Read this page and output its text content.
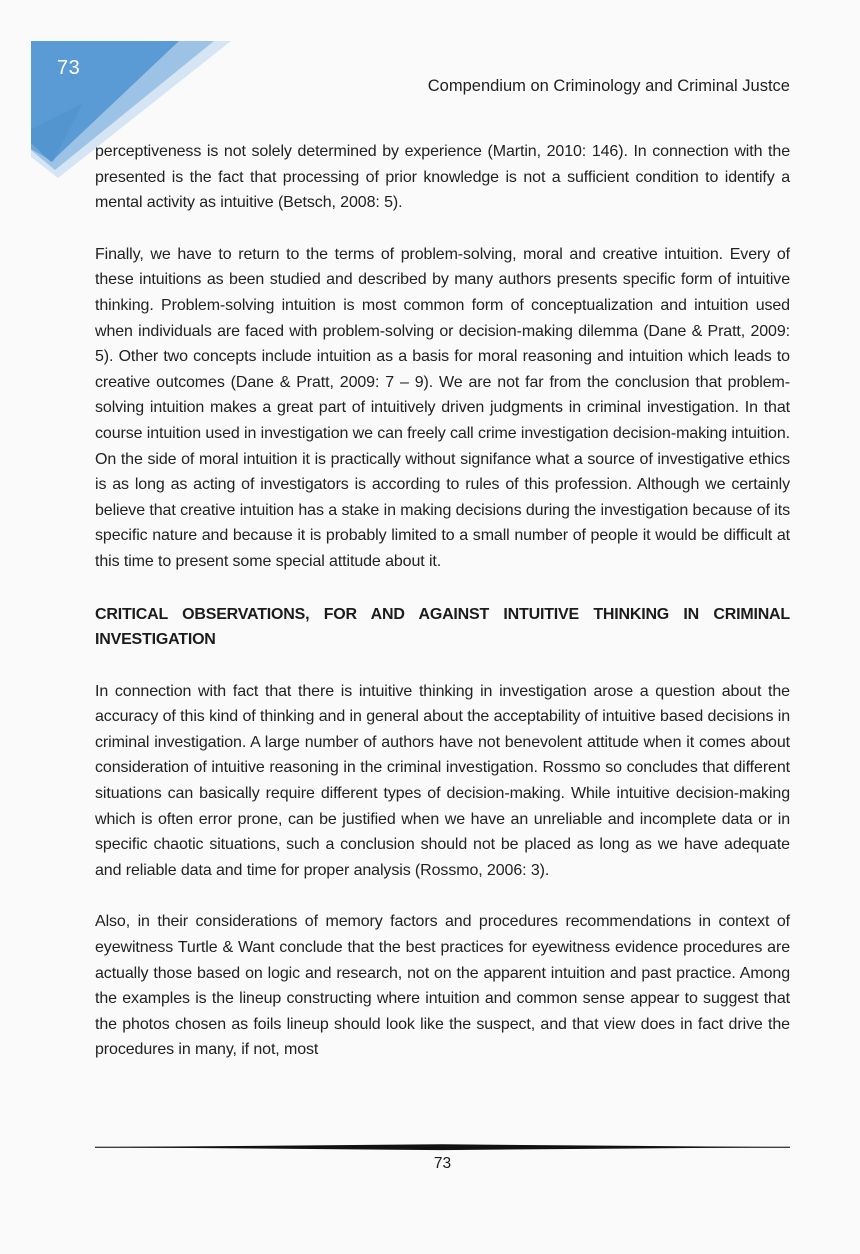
73
Compendium on Criminology and Criminal Justce

perceptiveness is not solely determined by experience (Martin, 2010: 146). In connection with the presented is the fact that processing of prior knowledge is not a sufficient condition to identify a mental activity as intuitive (Betsch, 2008: 5).

Finally, we have to return to the terms of problem-solving, moral and creative intuition. Every of these intuitions as been studied and described by many authors presents specific form of intuitive thinking. Problem-solving intuition is most common form of conceptualization and intuition used when individuals are faced with problem-solving or decision-making dilemma (Dane & Pratt, 2009: 5). Other two concepts include intuition as a basis for moral reasoning and intuition which leads to creative outcomes (Dane & Pratt, 2009: 7 – 9). We are not far from the conclusion that problem-solving intuition makes a great part of intuitively driven judgments in criminal investigation. In that course intuition used in investigation we can freely call crime investigation decision-making intuition. On the side of moral intuition it is practically without signifance what a source of investigative ethics is as long as acting of investigators is according to rules of this profession. Although we certainly believe that creative intuition has a stake in making decisions during the investigation because of its specific nature and because it is probably limited to a small number of people it would be difficult at this time to present some special attitude about it.

CRITICAL OBSERVATIONS, FOR AND AGAINST INTUITIVE THINKING IN CRIMINAL INVESTIGATION

In connection with fact that there is intuitive thinking in investigation arose a question about the accuracy of this kind of thinking and in general about the acceptability of intuitive based decisions in criminal investigation. A large number of authors have not benevolent attitude when it comes about consideration of intuitive reasoning in the criminal investigation. Rossmo so concludes that different situations can basically require different types of decision-making. While intuitive decision-making which is often error prone, can be justified when we have an unreliable and incomplete data or in specific chaotic situations, such a conclusion should not be placed as long as we have adequate and reliable data and time for proper analysis (Rossmo, 2006: 3).

Also, in their considerations of memory factors and procedures recommendations in context of eyewitness Turtle & Want conclude that the best practices for eyewitness evidence procedures are actually those based on logic and research, not on the apparent intuition and past practice. Among the examples is the lineup constructing where intuition and common sense appear to suggest that the photos chosen as foils lineup should look like the suspect, and that view does in fact drive the procedures in many, if not, most

73
